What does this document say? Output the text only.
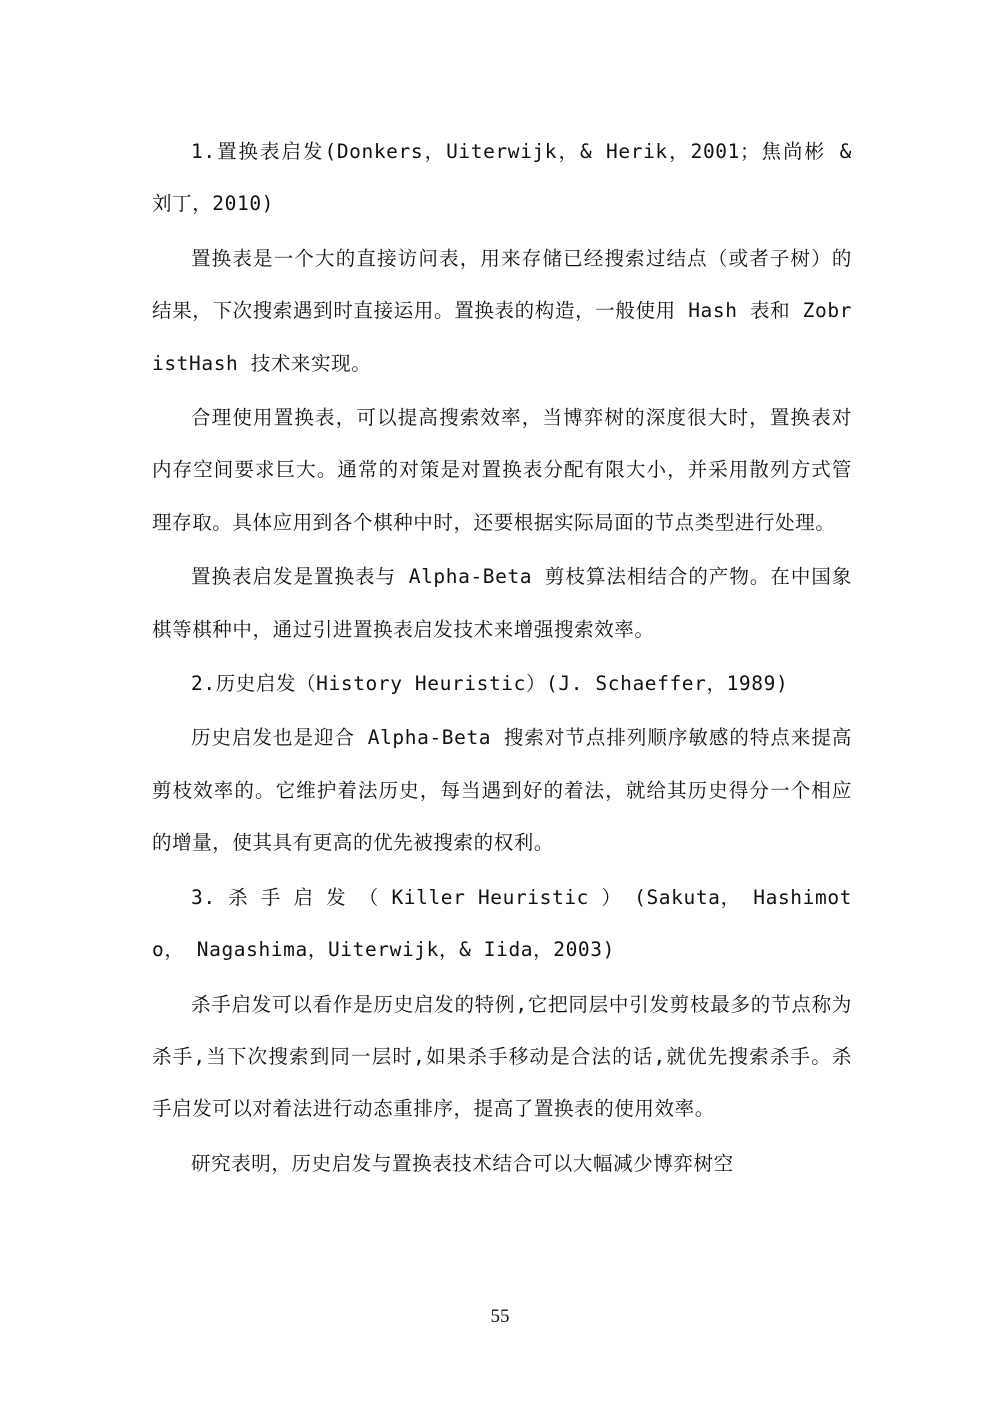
1.置换表启发(Donkers，Uiterwijk，& Herik，2001；焦尚彬 & 刘丁，2010)

置换表是一个大的直接访问表，用来存储已经搜索过结点（或者子树）的结果，下次搜索遇到时直接运用。置换表的构造，一般使用 Hash 表和 ZobristHash 技术来实现。

合理使用置换表，可以提高搜索效率，当博弈树的深度很大时，置换表对内存空间要求巨大。通常的对策是对置换表分配有限大小，并采用散列方式管理存取。具体应用到各个棋种中时，还要根据实际局面的节点类型进行处理。

置换表启发是置换表与 Alpha-Beta 剪枝算法相结合的产物。在中国象棋等棋种中，通过引进置换表启发技术来增强搜索效率。

2.历史启发（History Heuristic）(J. Schaeffer，1989)

历史启发也是迎合 Alpha-Beta 搜索对节点排列顺序敏感的特点来提高剪枝效率的。它维护着法历史，每当遇到好的着法，就给其历史得分一个相应的增量，使其具有更高的优先被搜索的权利。

3. 杀 手 启 发 （ Killer Heuristic ） (Sakuta， Hashimoto， Nagashima，Uiterwijk，& Iida，2003)

杀手启发可以看作是历史启发的特例,它把同层中引发剪枝最多的节点称为杀手,当下次搜索到同一层时,如果杀手移动是合法的话,就优先搜索杀手。杀手启发可以对着法进行动态重排序，提高了置换表的使用效率。

研究表明，历史启发与置换表技术结合可以大幅减少博弈树空

55
